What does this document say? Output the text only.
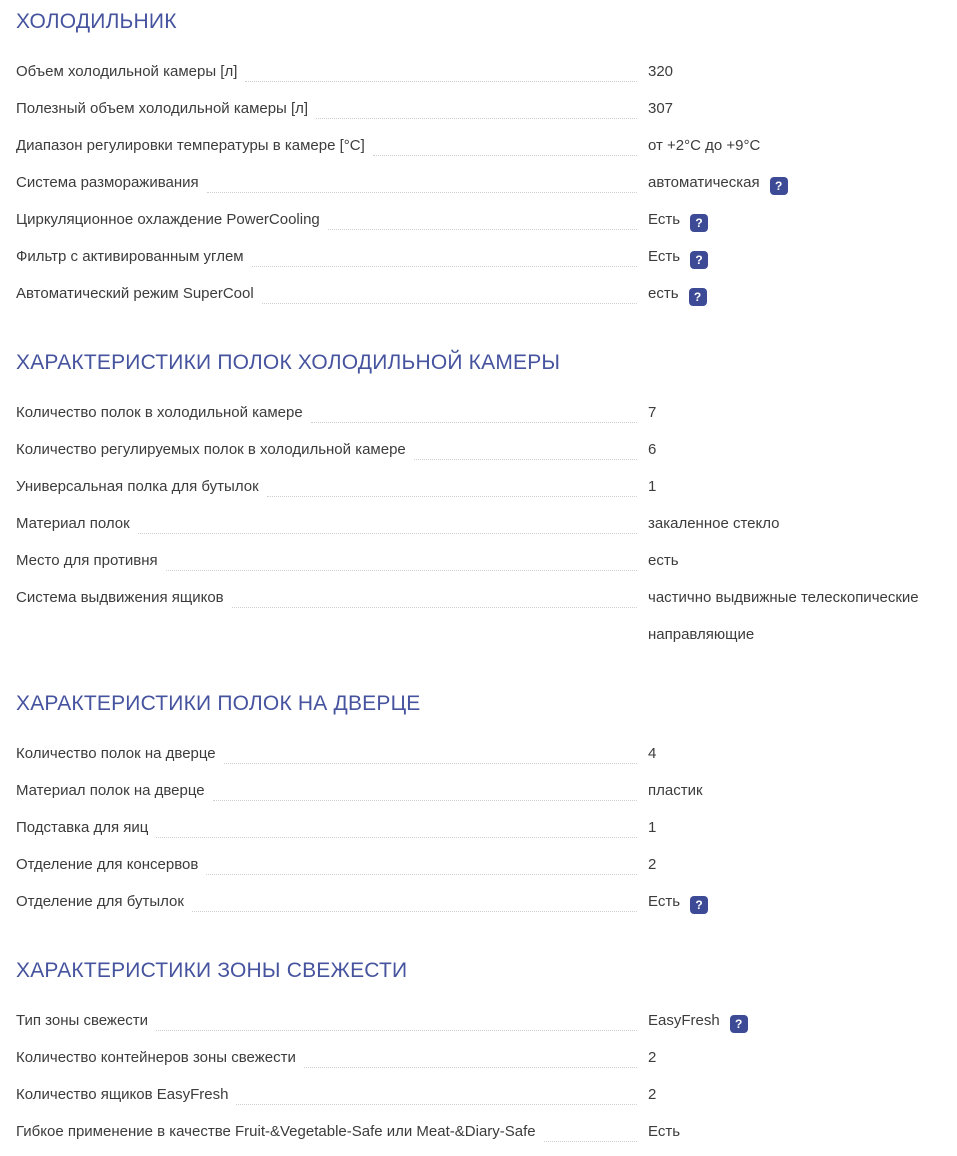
ХОЛОДИЛЬНИК
Объем холодильной камеры [л]	320
Полезный объем холодильной камеры [л]	307
Диапазон регулировки температуры в камере [°C]	от +2°C до +9°C
Система размораживания	автоматическая ?
Циркуляционное охлаждение PowerCooling	Есть ?
Фильтр с активированным углем	Есть ?
Автоматический режим SuperCool	есть ?
ХАРАКТЕРИСТИКИ ПОЛОК ХОЛОДИЛЬНОЙ КАМЕРЫ
Количество полок в холодильной камере	7
Количество регулируемых полок в холодильной камере	6
Универсальная полка для бутылок	1
Материал полок	закаленное стекло
Место для противня	есть
Система выдвижения ящиков	частично выдвижные телескопические направляющие
ХАРАКТЕРИСТИКИ ПОЛОК НА ДВЕРЦЕ
Количество полок на дверце	4
Материал полок на дверце	пластик
Подставка для яиц	1
Отделение для консервов	2
Отделение для бутылок	Есть ?
ХАРАКТЕРИСТИКИ ЗОНЫ СВЕЖЕСТИ
Тип зоны свежести	EasyFresh ?
Количество контейнеров зоны свежести	2
Количество ящиков EasyFresh	2
Гибкое применение в качестве Fruit-&Vegetable-Safe или Meat-&Diary-Safe	Есть
